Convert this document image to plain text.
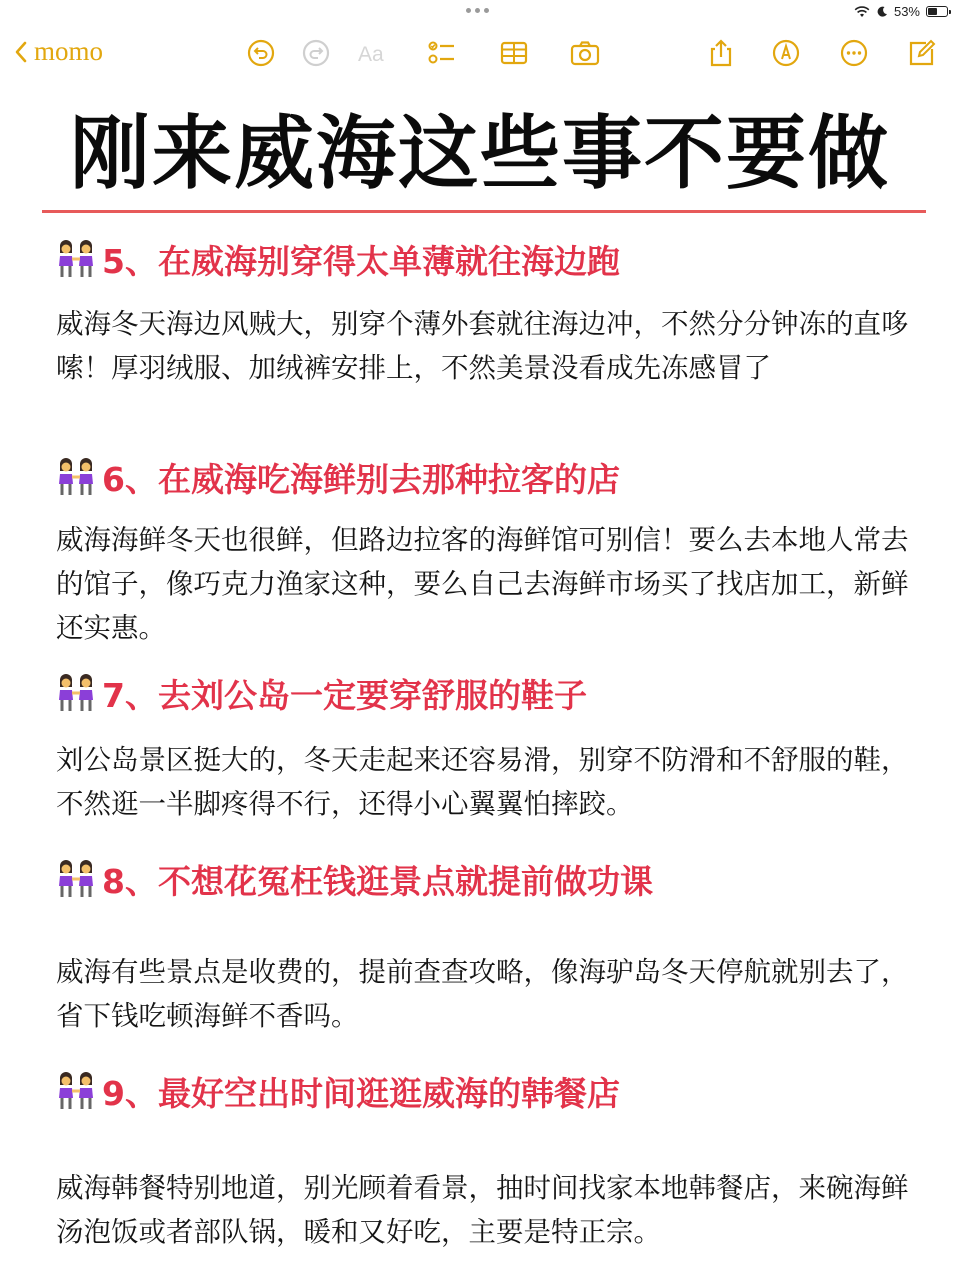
53%
momo	Aa
刚来威海这些事不要做
5、在威海别穿得太单薄就往海边跑
威海冬天海边风贼大，别穿个薄外套就往海边冲，不然分分钟冻的直哆嗦！厚羽绒服、加绒裤安排上，不然美景没看成先冻感冒了
6、在威海吃海鲜别去那种拉客的店
威海海鲜冬天也很鲜，但路边拉客的海鲜馆可别信！要么去本地人常去的馆子，像巧克力渔家这种，要么自己去海鲜市场买了找店加工，新鲜还实惠。
7、去刘公岛一定要穿舒服的鞋子
刘公岛景区挺大的，冬天走起来还容易滑，别穿不防滑和不舒服的鞋，不然逛一半脚疼得不行，还得小心翼翼怕摔跤。
8、不想花冤枉钱逛景点就提前做功课
威海有些景点是收费的，提前查查攻略，像海驴岛冬天停航就别去了，省下钱吃顿海鲜不香吗。
9、最好空出时间逛逛威海的韩餐店
威海韩餐特别地道，别光顾着看景，抽时间找家本地韩餐店，来碗海鲜汤泡饭或者部队锅，暖和又好吃，主要是特正宗。
